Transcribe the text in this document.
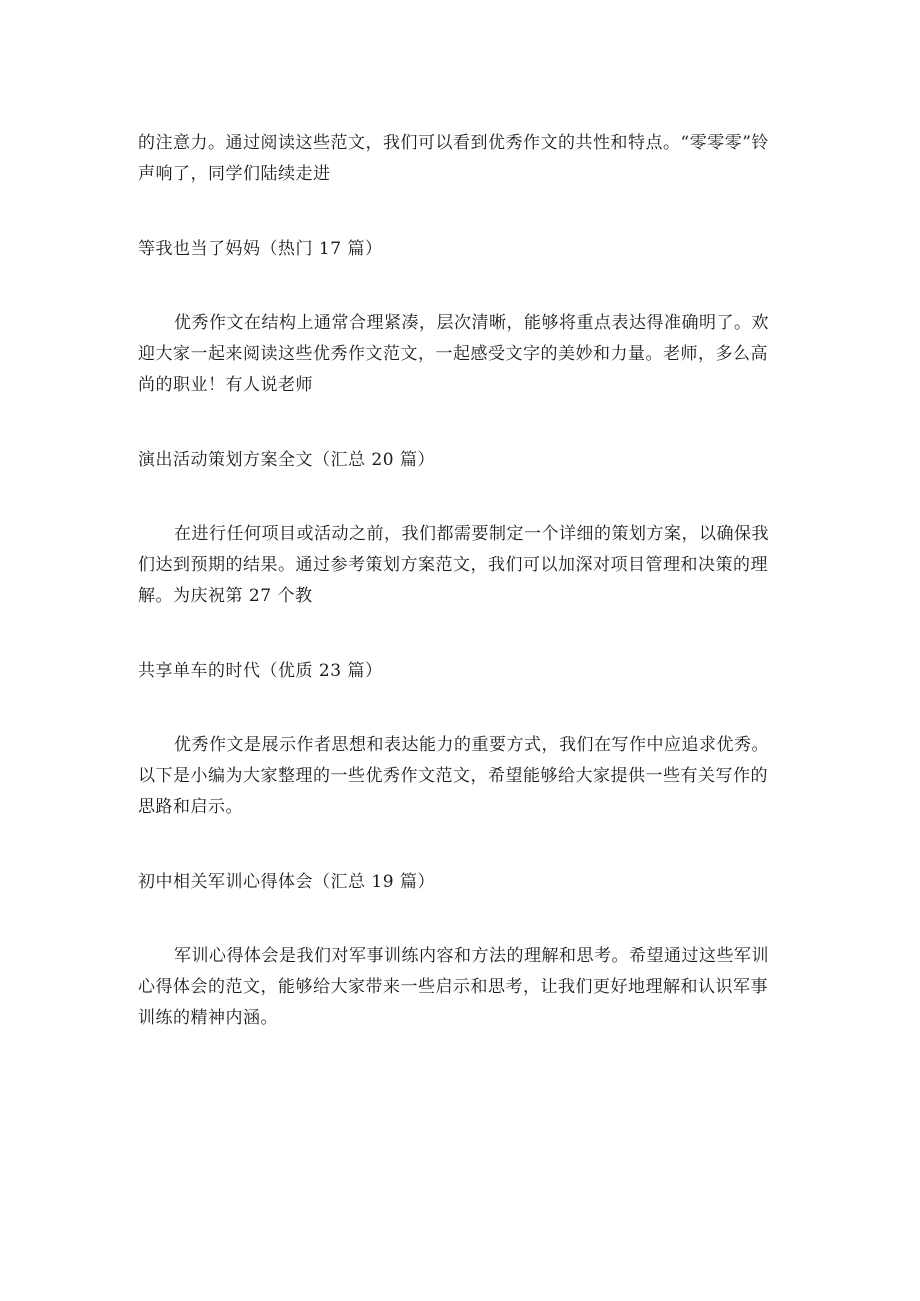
的注意力。通过阅读这些范文，我们可以看到优秀作文的共性和特点。“零零零”铃声响了，同学们陆续走进

等我也当了妈妈（热门 17 篇）

优秀作文在结构上通常合理紧凑，层次清晰，能够将重点表达得准确明了。欢迎大家一起来阅读这些优秀作文范文，一起感受文字的美妙和力量。老师，多么高尚的职业！有人说老师

演出活动策划方案全文（汇总 20 篇）

在进行任何项目或活动之前，我们都需要制定一个详细的策划方案，以确保我们达到预期的结果。通过参考策划方案范文，我们可以加深对项目管理和决策的理解。为庆祝第 27 个教

共享单车的时代（优质 23 篇）

优秀作文是展示作者思想和表达能力的重要方式，我们在写作中应追求优秀。以下是小编为大家整理的一些优秀作文范文，希望能够给大家提供一些有关写作的思路和启示。

初中相关军训心得体会（汇总 19 篇）

军训心得体会是我们对军事训练内容和方法的理解和思考。希望通过这些军训心得体会的范文，能够给大家带来一些启示和思考，让我们更好地理解和认识军事训练的精神内涵。
